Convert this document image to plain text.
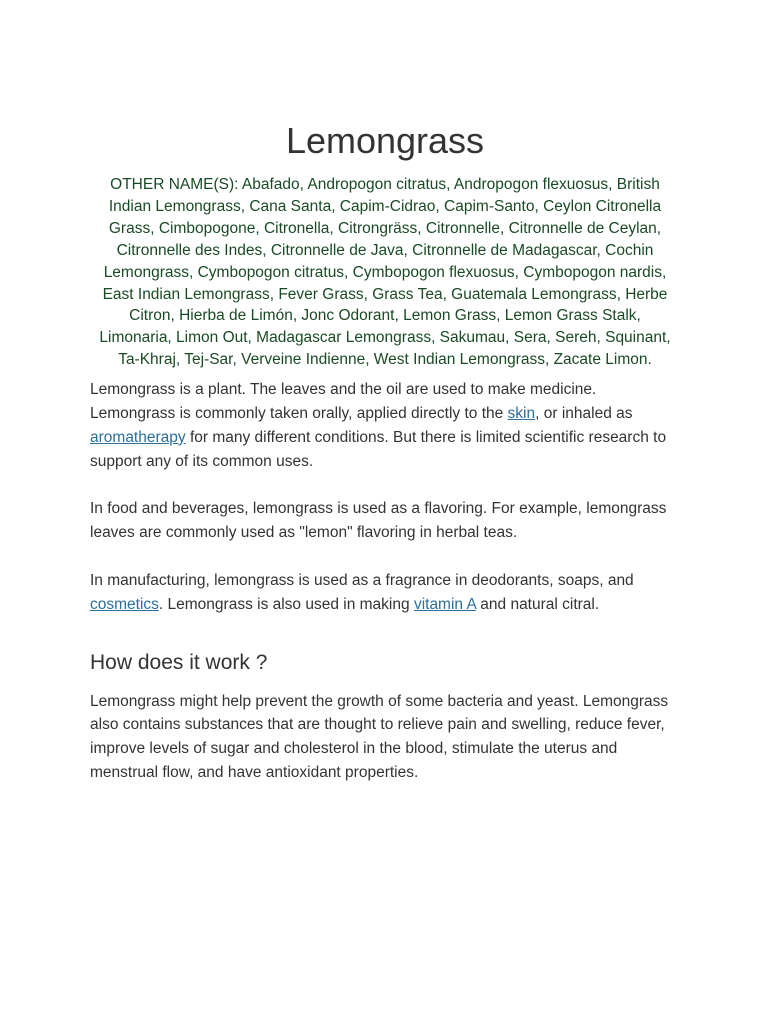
Lemongrass

OTHER NAME(S): Abafado, Andropogon citratus, Andropogon flexuosus, British Indian Lemongrass, Cana Santa, Capim-Cidrao, Capim-Santo, Ceylon Citronella Grass, Cimbopogone, Citronella, Citrongräss, Citronnelle, Citronnelle de Ceylan, Citronnelle des Indes, Citronnelle de Java, Citronnelle de Madagascar, Cochin Lemongrass, Cymbopogon citratus, Cymbopogon flexuosus, Cymbopogon nardis, East Indian Lemongrass, Fever Grass, Grass Tea, Guatemala Lemongrass, Herbe Citron, Hierba de Limón, Jonc Odorant, Lemon Grass, Lemon Grass Stalk, Limonaria, Limon Out, Madagascar Lemongrass, Sakumau, Sera, Sereh, Squinant, Ta-Khraj, Tej-Sar, Verveine Indienne, West Indian Lemongrass, Zacate Limon.

Lemongrass is a plant. The leaves and the oil are used to make medicine. Lemongrass is commonly taken orally, applied directly to the skin, or inhaled as aromatherapy for many different conditions. But there is limited scientific research to support any of its common uses.

In food and beverages, lemongrass is used as a flavoring. For example, lemongrass leaves are commonly used as "lemon" flavoring in herbal teas.

In manufacturing, lemongrass is used as a fragrance in deodorants, soaps, and cosmetics. Lemongrass is also used in making vitamin A and natural citral.

How does it work ?

Lemongrass might help prevent the growth of some bacteria and yeast. Lemongrass also contains substances that are thought to relieve pain and swelling, reduce fever, improve levels of sugar and cholesterol in the blood, stimulate the uterus and menstrual flow, and have antioxidant properties.
